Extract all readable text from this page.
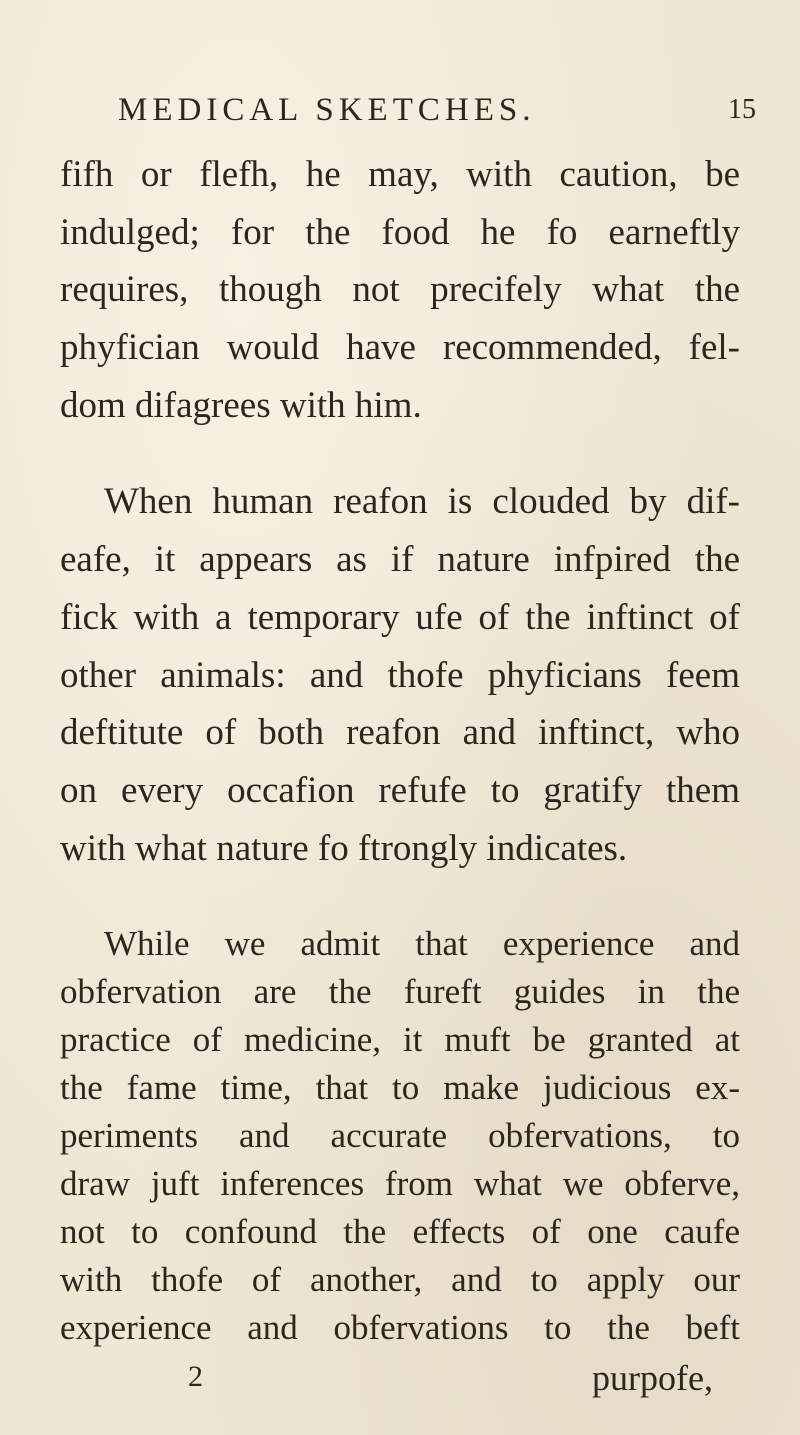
MEDICAL SKETCHES.	15
fifh or flefh, he may, with caution, be
indulged; for the food he fo earneftly
requires, though not precifely what the
phyfician would have recommended, fel-
dom difagrees with him.
When human reafon is clouded by dif-
eafe, it appears as if nature infpired the
fick with a temporary ufe of the inftinct of
other animals: and thofe phyficians feem
deftitute of both reafon and inftinct, who
on every occafion refufe to gratify them
with what nature fo ftrongly indicates.
While we admit that experience and
obfervation are the fureft guides in the
practice of medicine, it muft be granted at
the fame time, that to make judicious ex-
periments and accurate obfervations, to
draw juft inferences from what we obferve,
not to confound the effects of one caufe
with thofe of another, and to apply our
experience and obfervations to the beft
2	purpofe,
